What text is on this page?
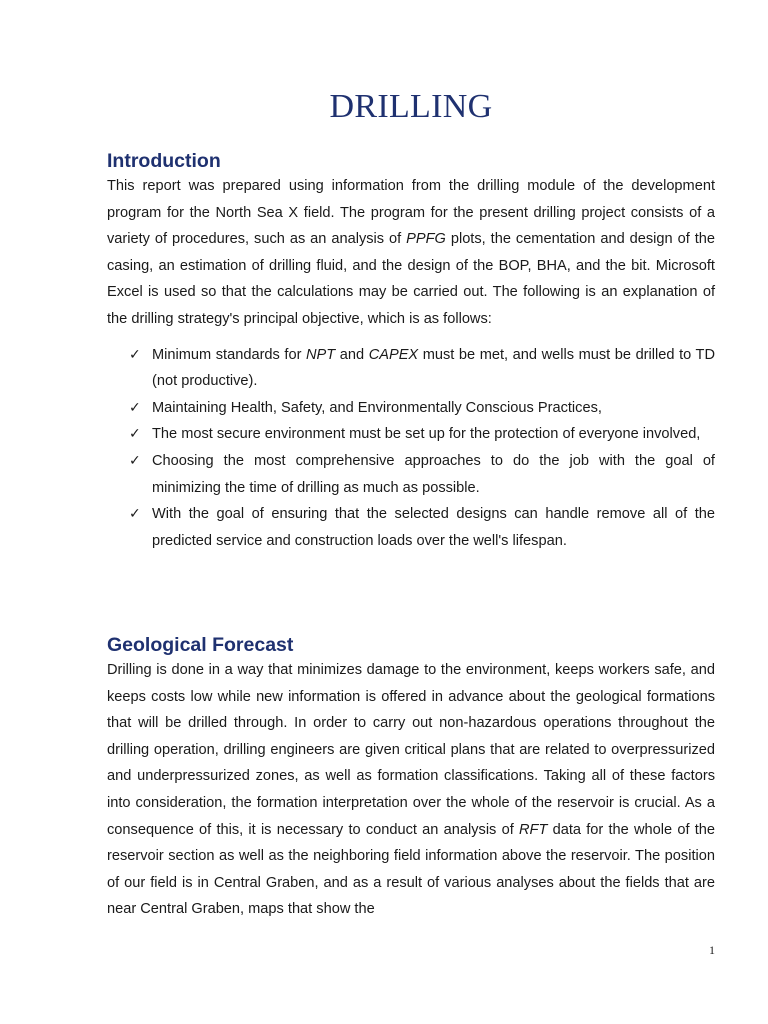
DRILLING
Introduction

This report was prepared using information from the drilling module of the development program for the North Sea X field. The program for the present drilling project consists of a variety of procedures, such as an analysis of PPFG plots, the cementation and design of the casing, an estimation of drilling fluid, and the design of the BOP, BHA, and the bit. Microsoft Excel is used so that the calculations may be carried out. The following is an explanation of the drilling strategy's principal objective, which is as follows:

✓ Minimum standards for NPT and CAPEX must be met, and wells must be drilled to TD (not productive).
✓ Maintaining Health, Safety, and Environmentally Conscious Practices,
✓ The most secure environment must be set up for the protection of everyone involved,
✓ Choosing the most comprehensive approaches to do the job with the goal of minimizing the time of drilling as much as possible.
✓ With the goal of ensuring that the selected designs can handle remove all of the predicted service and construction loads over the well's lifespan.
Geological Forecast

Drilling is done in a way that minimizes damage to the environment, keeps workers safe, and keeps costs low while new information is offered in advance about the geological formations that will be drilled through. In order to carry out non-hazardous operations throughout the drilling operation, drilling engineers are given critical plans that are related to overpressurized and underpressurized zones, as well as formation classifications. Taking all of these factors into consideration, the formation interpretation over the whole of the reservoir is crucial. As a consequence of this, it is necessary to conduct an analysis of RFT data for the whole of the reservoir section as well as the neighboring field information above the reservoir. The position of our field is in Central Graben, and as a result of various analyses about the fields that are near Central Graben, maps that show the

1
